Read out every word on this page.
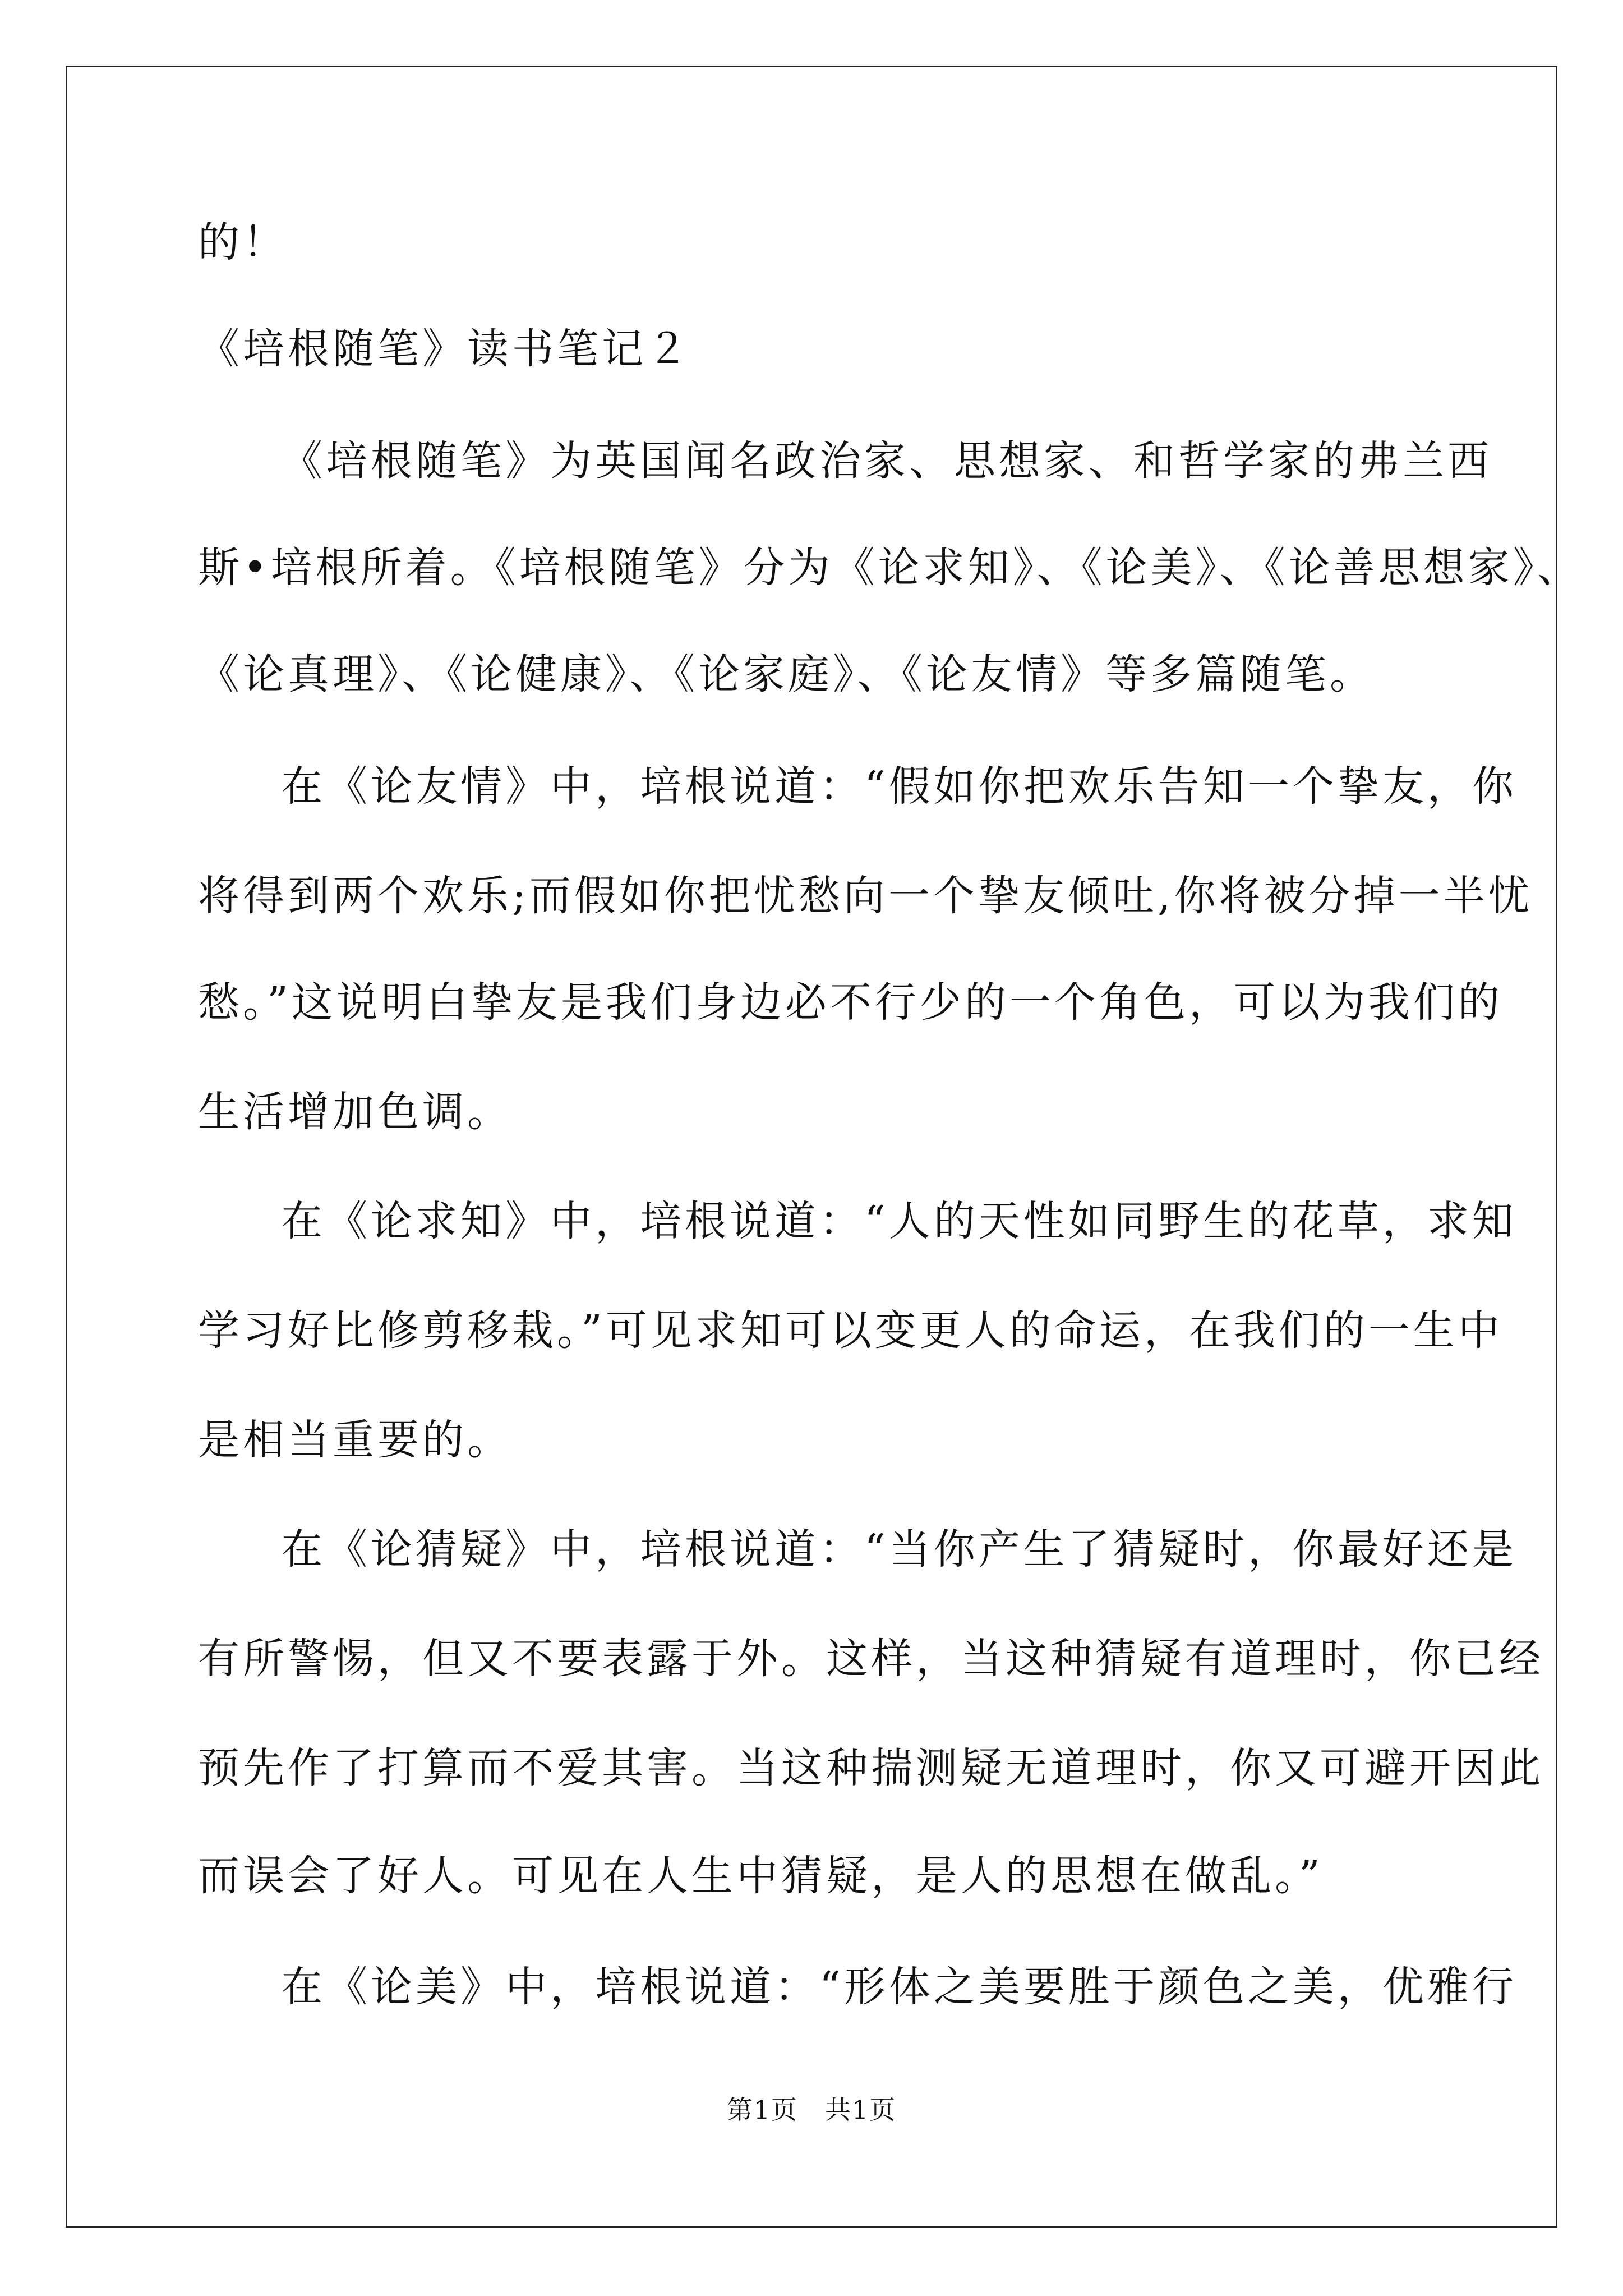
的！
《培根随笔》读书笔记２
《培根随笔》为英国闻名政治家、思想家、和哲学家的弗兰西
斯•培根所着。《培根随笔》分为《论求知》、《论美》、《论善思想家》、
《论真理》、《论健康》、《论家庭》、《论友情》等多篇随笔。
在《论友情》中，培根说道：“假如你把欢乐告知一个挚友，你
将得到两个欢乐;而假如你把忧愁向一个挚友倾吐,你将被分掉一半忧
愁。”这说明白挚友是我们身边必不行少的一个角色，可以为我们的
生活增加色调。
在《论求知》中，培根说道：“人的天性如同野生的花草，求知
学习好比修剪移栽。”可见求知可以变更人的命运，在我们的一生中
是相当重要的。
在《论猜疑》中，培根说道：“当你产生了猜疑时，你最好还是
有所警惕，但又不要表露于外。这样，当这种猜疑有道理时，你已经
预先作了打算而不爱其害。当这种揣测疑无道理时，你又可避开因此
而误会了好人。可见在人生中猜疑，是人的思想在做乱。”
在《论美》中，培根说道：“形体之美要胜于颜色之美，优雅行
第1页　共1页
